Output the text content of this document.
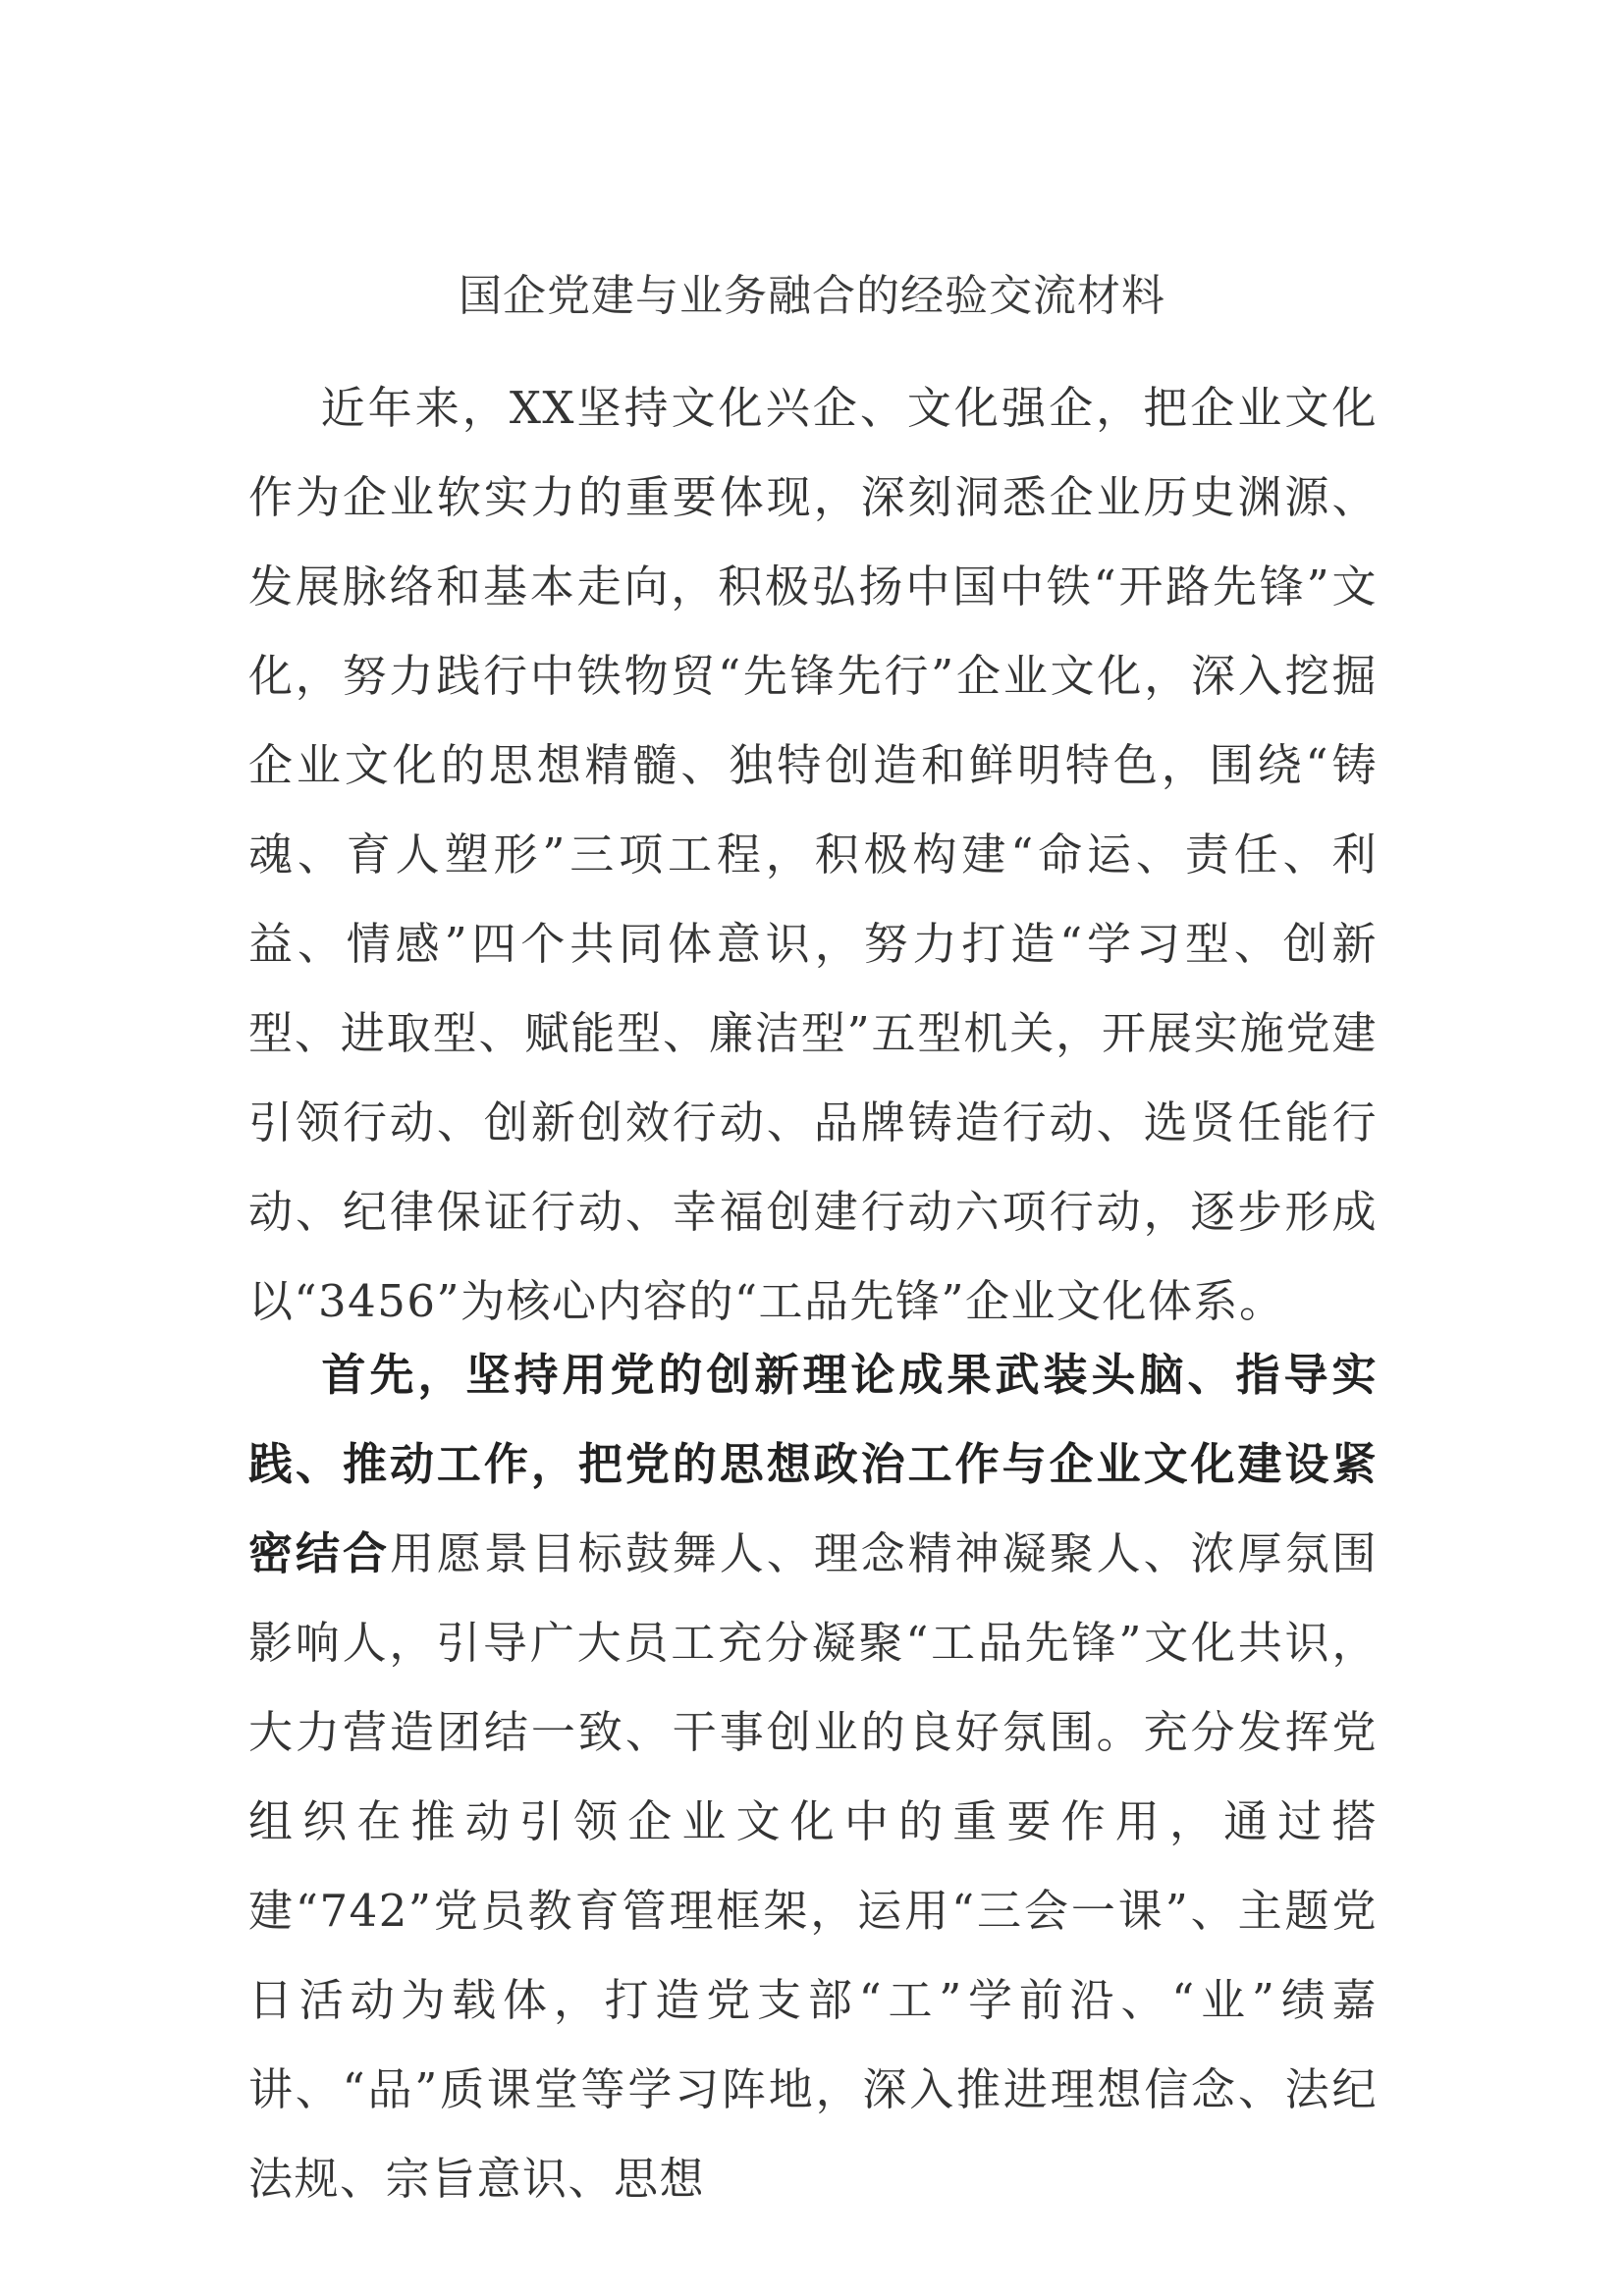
国企党建与业务融合的经验交流材料

近年来，XX坚持文化兴企、文化强企，把企业文化作为企业软实力的重要体现，深刻洞悉企业历史渊源、发展脉络和基本走向，积极弘扬中国中铁“开路先锋”文化，努力践行中铁物贸“先锋先行”企业文化，深入挖掘企业文化的思想精髓、独特创造和鲜明特色，围绕“铸魂、育人塑形”三项工程，积极构建“命运、责任、利益、情感”四个共同体意识，努力打造“学习型、创新型、进取型、赋能型、廉洁型”五型机关，开展实施党建引领行动、创新创效行动、品牌铸造行动、选贤任能行动、纪律保证行动、幸福创建行动六项行动，逐步形成以“3456”为核心内容的“工品先锋”企业文化体系。

首先，坚持用党的创新理论成果武装头脑、指导实践、推动工作，把党的思想政治工作与企业文化建设紧密结合用愿景目标鼓舞人、理念精神凝聚人、浓厚氛围影响人，引导广大员工充分凝聚“工品先锋”文化共识，大力营造团结一致、干事创业的良好氛围。充分发挥党组织在推动引领企业文化中的重要作用，通过搭建“742”党员教育管理框架，运用“三会一课”、主题党日活动为载体，打造党支部“工”学前沿、“业”绩嘉讲、“品”质课堂等学习阵地，深入推进理想信念、法纪法规、宗旨意识、思想
